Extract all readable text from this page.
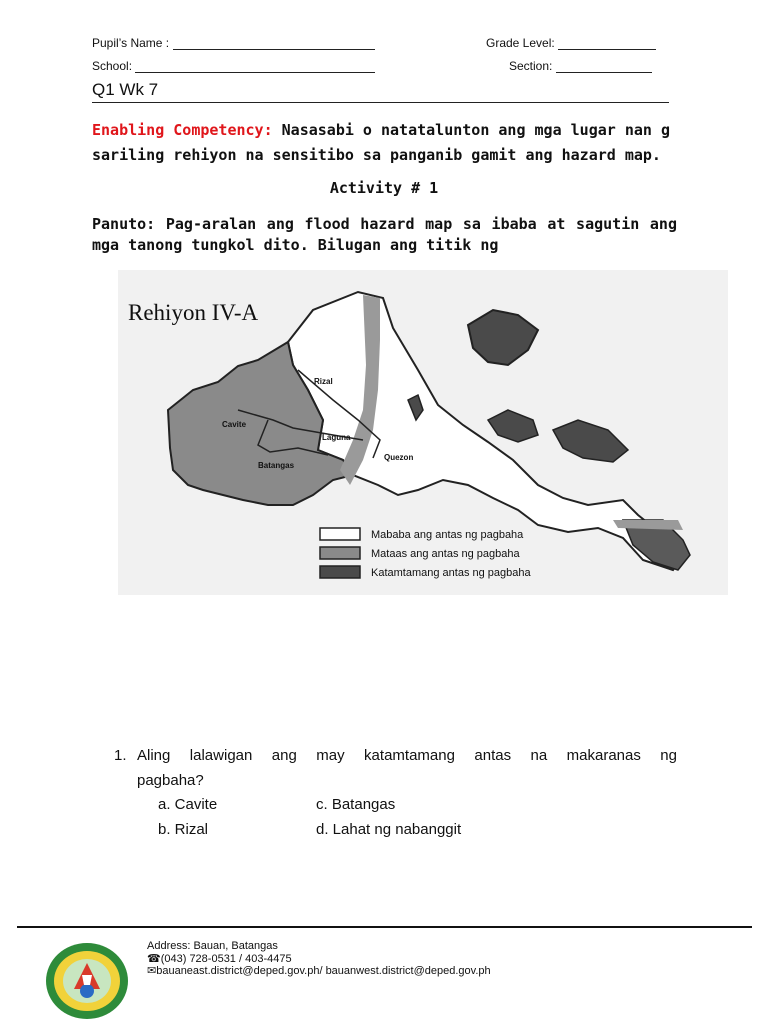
Pupil’s Name :	Grade Level:
School:	Section:
Q1 Wk 7
Enabling Competency: Nasasabi o natatalunton ang mga lugar nan g
sariling rehiyon na sensitibo sa panganib gamit ang hazard map.
Activity # 1
Panuto: Pag-aralan ang flood hazard map sa ibaba at sagutin ang
mga tanong tungkol dito. Bilugan ang titik ng
Rizal
Cavite
Laguna
Batangas
Quezon
Rehiyon IV-A
Mababa ang antas ng pagbaha
Mataas ang antas ng pagbaha
Katamtamang antas ng pagbaha
1. Aling lalawigan ang may katamtamang antas na makaranas ng
pagbaha?
a. Cavite	c. Batangas
b. Rizal	d. Lahat ng nabanggit
Address: Bauan, Batangas
☎(043) 728-0531 / 403-4475
✉bauaneast.district@deped.gov.ph/ bauanwest.district@deped.gov.ph
